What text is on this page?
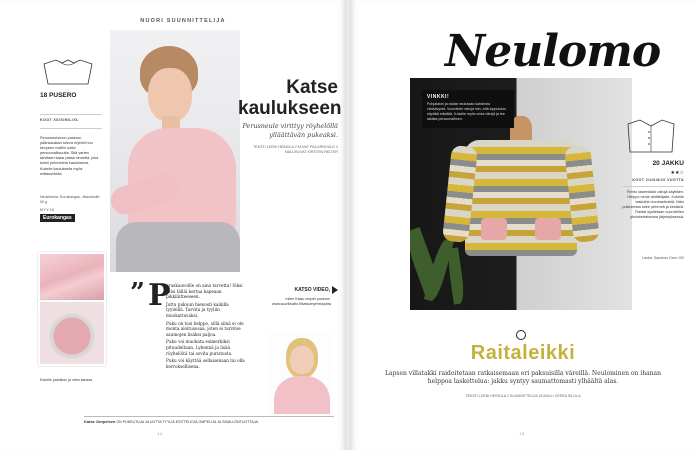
NUORI SUUNNITTELIJA
Katse
kaulukseen
Perusneule virittyy röyhelöllä ylläättävän pukeaksi.
TEKSTI LEENI HEINOLA // KUVAT PIIA ARNOULD // MALLIKUVAT KIRSTEN RELTER
18 PUSERO
KOOT XS/S/M/L/XL
Perusneulomon puseron päänkaulaan tuleva röyhelö tuo kevyeen malliin uutta persoonallisuutta. Sitä varten tarvitaan kaksi palaa neuletta, joka toimii pehmeänä kauluksena. Kokeile kauluksella myös mittasuhteita.
Neulelanka: Euroikangas, villasekoite 50 g
MYYJÄ
Eurokangas
Kokeile palmikon ja värin kanssa.
” P

eruskaavoille on aina tarvetta! Siksi reisi tälläi kertaa kapeaan pikkiliitteeseen.

Juttu pukuun hienosti kaikilla tyyleillä. Tarvita ja tyyliin muokattavaksi.

Puku on tosi helppo, sillä siinä ei ole monta aloitusosaa, joten ei tarvitse saumojen lisäksi paljoa.

Puku voi muokata esimerkiksi pituudeltaan. Lyhennä ja lisää röyhelöitä tai sovita puristusta.

Puku voi käyttää sellaisenaan tai olla kerroksellisena.

KATSO VIDEO,
miten Katso ompeli puseron www.suuriksatto.fi/katsomyrhelopaita
Katse Ompeleen ON PUKEUTUJA JA UUTTA TYYLIÄ ESITTELEVÄ OMPELIJA JA SISÄLLÖNTUOTTAJA.
14
Neulomo
VINKKI!
Pohjatakin ja raidat neulotaan kahdesta värisävystä. Vuorottele raitoja niin, että lopputulos näyttää elävältä. Kokeile myös omia värejä ja tee takista persoonallinen.
20 JAKKU
★★☆
KOOT 2/4/6/8/10 VUOTTA
Rento lastentakki raitoja käyttäen. Helppo neule aloittelijalle. Kokeile taskuihin kontrastiväriä. Näin pukineesta tulee pehmeä ja kestävä. Raidat sijoitetaan vuorotellen yksinkertaisessa järjestyksessä.
Lanka: Sandnes Garn 100
Raitaleikki
Lapsen villatakki raidoitetaan ratkaisemaan eri paksuisilla väreillä. Neulominen on ihanan helppoa laskettelua: jakku syntyy saumattomasti ylhäältä alas.
TEKSTI LEENI HEINOLA // SUUNNITTELIJA JA MALLI VEERA SILLILA
15
